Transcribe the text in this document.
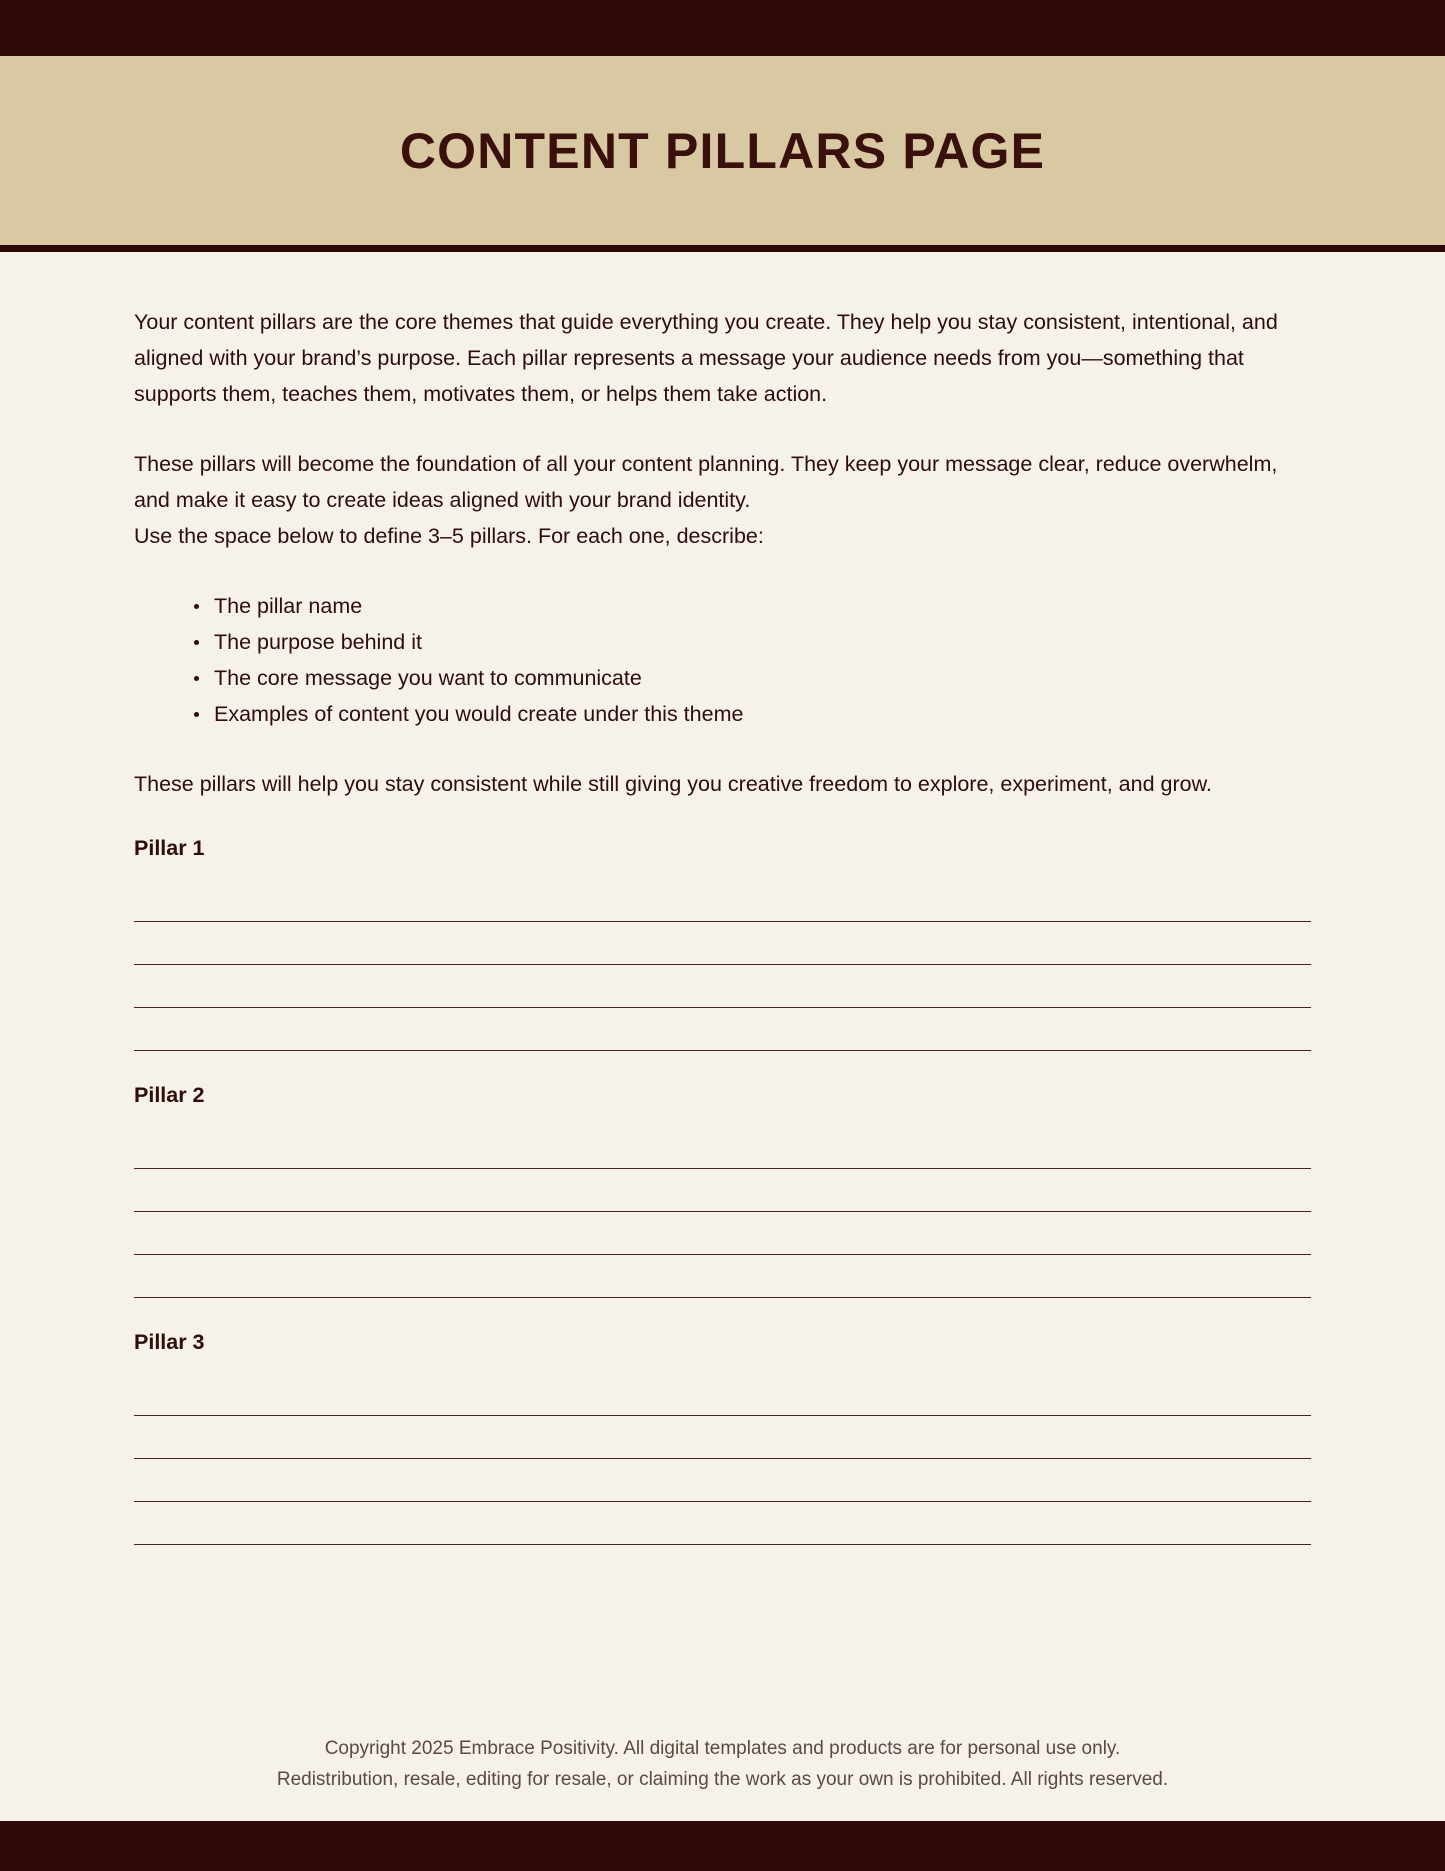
CONTENT PILLARS PAGE

Your content pillars are the core themes that guide everything you create. They help you stay consistent, intentional, and aligned with your brand’s purpose. Each pillar represents a message your audience needs from you—something that supports them, teaches them, motivates them, or helps them take action.

These pillars will become the foundation of all your content planning. They keep your message clear, reduce overwhelm, and make it easy to create ideas aligned with your brand identity.

Use the space below to define 3–5 pillars. For each one, describe:

The pillar name
The purpose behind it
The core message you want to communicate
Examples of content you would create under this theme

These pillars will help you stay consistent while still giving you creative freedom to explore, experiment, and grow.

Pillar 1
Pillar 2
Pillar 3

Copyright 2025 Embrace Positivity. All digital templates and products are for personal use only.

Redistribution, resale, editing for resale, or claiming the work as your own is prohibited. All rights reserved.
